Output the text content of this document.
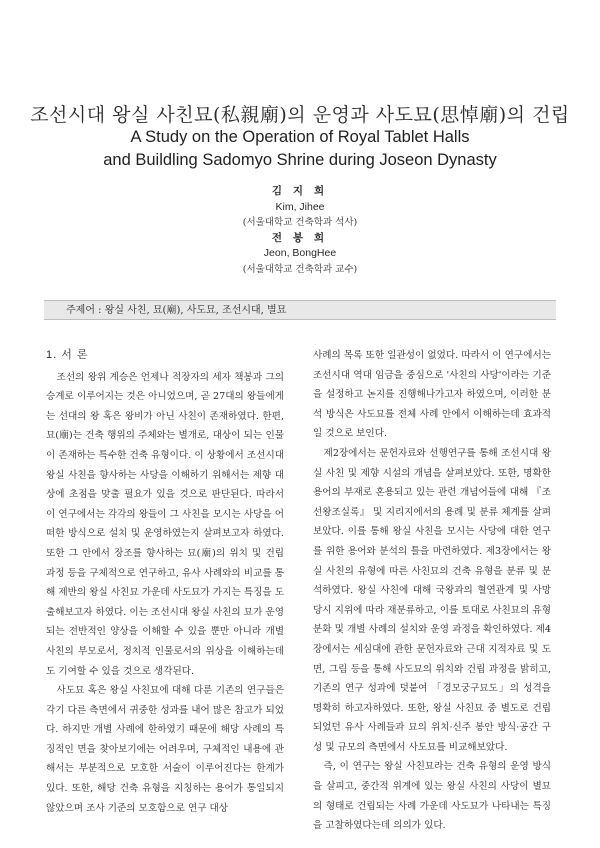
조선시대 왕실 사친묘(私親廟)의 운영과 사도묘(思悼廟)의 건립
A Study on the Operation of Royal Tablet Halls
and Buildling Sadomyo Shrine during Joseon Dynasty
김 지 희
Kim, Jihee
(서울대학교 건축학과 석사)
전 봉 희
Jeon, BongHee
(서울대학교 건축학과 교수)
주제어 : 왕실 사친, 묘(廟), 사도묘, 조선시대, 별묘
1. 서 론

조선의 왕위 계승은 언제나 적장자의 세자 책봉과 그의 승계로 이루어지는 것은 아니었으며, 곧 27대의 왕들에게는 선대의 왕 혹은 왕비가 아닌 사친이 존재하였다. 한편, 묘(廟)는 건축 행위의 주체와는 별개로, 대상이 되는 인물이 존재하는 특수한 건축 유형이다. 이 상황에서 조선시대 왕실 사친을 향사하는 사당을 이해하기 위해서는 제향 대상에 초점을 맞출 필요가 있을 것으로 판단된다. 따라서 이 연구에서는 각각의 왕들이 그 사친을 모시는 사당을 어떠한 방식으로 설치 및 운영하였는지 살펴보고자 하였다. 또한 그 안에서 장조를 향사하는 묘(廟)의 위치 및 건립 과정 등을 구체적으로 연구하고, 유사 사례와의 비교를 통해 제반의 왕실 사친묘 가운데 사도묘가 가지는 특징을 도출해보고자 하였다. 이는 조선시대 왕실 사친의 묘가 운영되는 전반적인 양상을 이해할 수 있을 뿐만 아니라 개별 사친의 부모로서, 정치적 인물로서의 위상을 이해하는데도 기여할 수 있을 것으로 생각된다.

사도묘 혹은 왕실 사친묘에 대해 다룬 기존의 연구들은 각기 다른 측면에서 귀중한 성과를 내어 많은 참고가 되었다. 하지만 개별 사례에 한하였기 때문에 해당 사례의 특징적인 면을 찾아보기에는 어려우며, 구체적인 내용에 관해서는 부분적으로 모호한 서술이 이루어진다는 한계가 있다. 또한, 해당 건축 유형을 지칭하는 용어가 통일되지 않았으며 조사 기준의 모호함으로 연구 대상

사례의 목록 또한 일관성이 없었다. 따라서 이 연구에서는 조선시대 역대 임금을 중심으로 '사친의 사당'이라는 기준을 설정하고 논지를 진행해나가고자 하였으며, 이러한 분석 방식은 사도묘를 전체 사례 안에서 이해하는데 효과적일 것으로 보인다.

제2장에서는 문헌자료와 선행연구를 통해 조선시대 왕실 사친 및 제향 시설의 개념을 살펴보았다. 또한, 명확한 용어의 부재로 혼용되고 있는 관련 개념어들에 대해 『조선왕조실록』 및 지리지에서의 용례 및 분류 체계를 살펴보았다. 이를 통해 왕실 사친을 모시는 사당에 대한 연구를 위한 용어와 분석의 틀을 마련하였다. 제3장에서는 왕실 사친의 유형에 따른 사친묘의 건축 유형을 분류 및 분석하였다. 왕실 사친에 대해 국왕과의 혈연관계 및 사망 당시 지위에 따라 재분류하고, 이를 토대로 사친묘의 유형 분화 및 개별 사례의 설치와 운영 과정을 확인하였다. 제4장에서는 세심대에 관한 문헌자료와 근대 지적자료 및 도면, 그림 등을 통해 사도묘의 위치와 건립 과정을 밝히고, 기존의 연구 성과에 덧붙여 「경모궁구묘도」의 성격을 명확히 하고자하였다. 또한, 왕실 사친묘 중 별도로 건립되었던 유사 사례들과 묘의 위치·신주 봉안 방식·공간 구성 및 규모의 측면에서 사도묘를 비교해보았다.

즉, 이 연구는 왕실 사친묘라는 건축 유형의 운영 방식을 살피고, 중간적 위계에 있는 왕실 사친의 사당이 별묘의 형태로 건립되는 사례 가운데 사도묘가 나타내는 특징을 고찰하였다는데 의의가 있다.
